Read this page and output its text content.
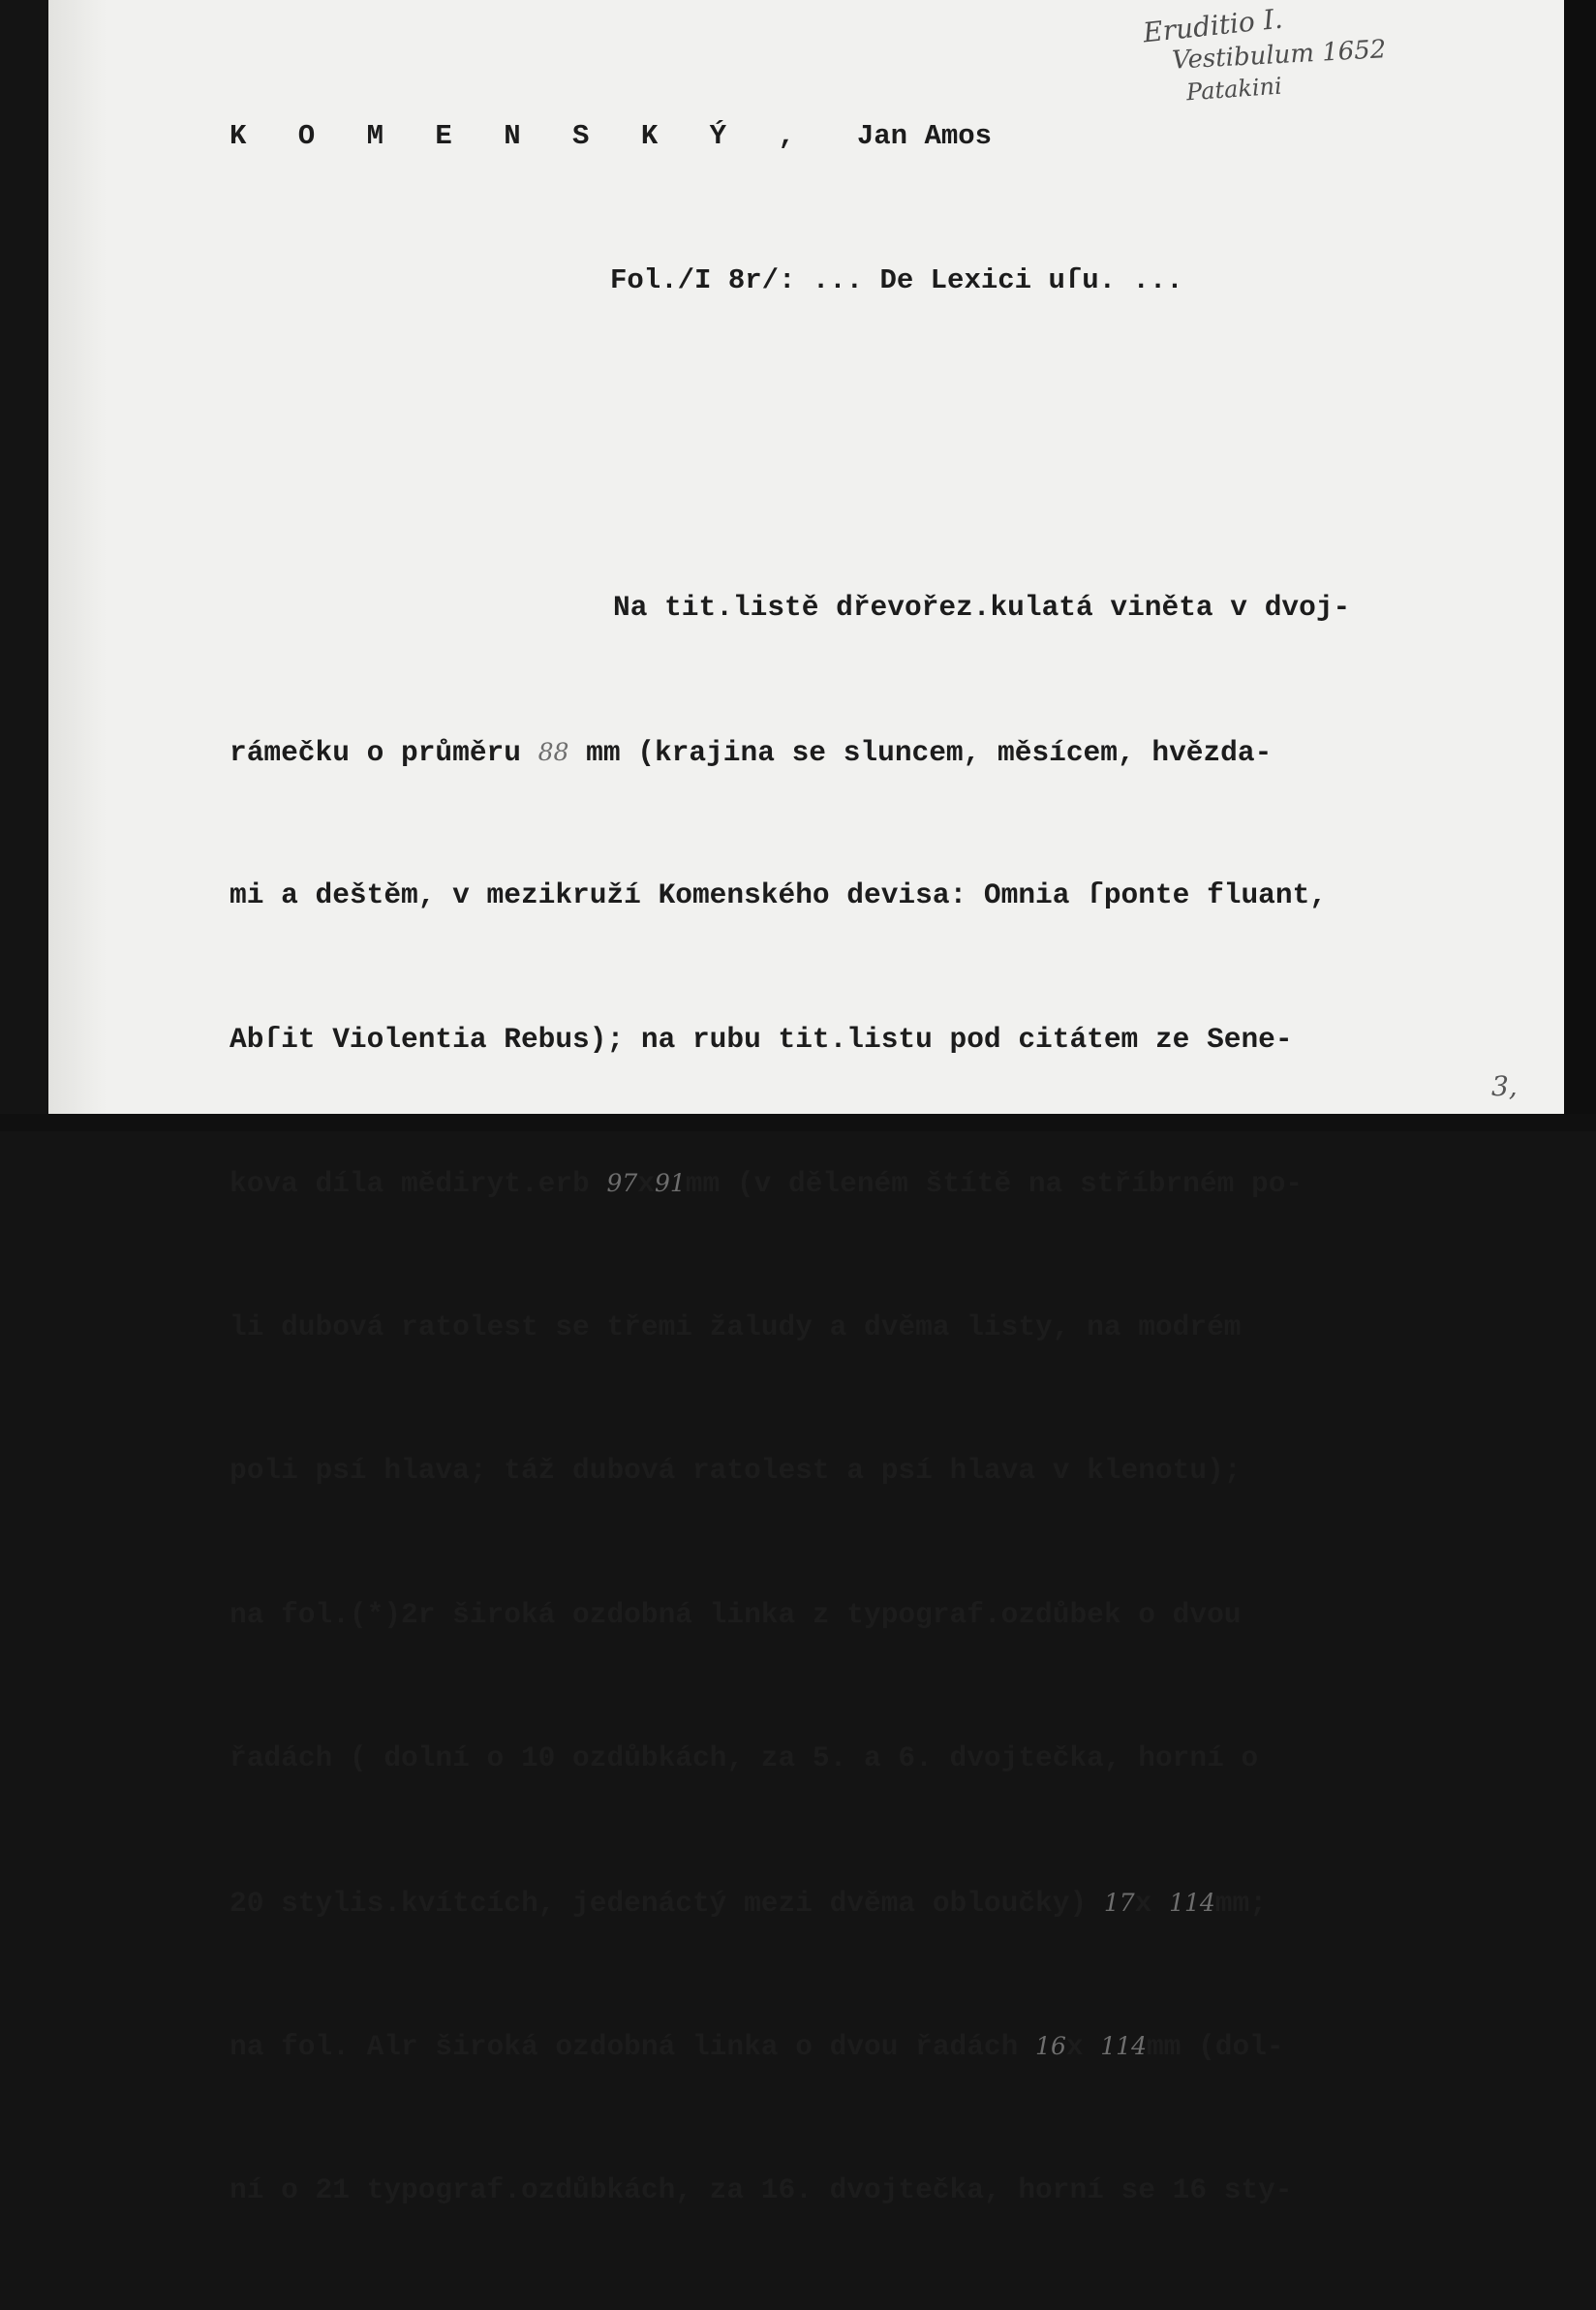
Eruditio I.
Vestibulum 1652
Patakini
K O M E N S K Ý , Jan Amos
Fol./I 8r/: ... De Lexici uſu. ...

Na tit.listě dřevořez.kulatá viněta v dvoj-

rámečku o průměru 88 mm (krajina se sluncem, měsícem, hvězda-

mi a deštěm, v mezikruží Komenského devisa: Omnia ſponte fluant,

Abſit Violentia Rebus); na rubu tit.listu pod citátem ze Sene-

kova díla mědiryt.erb 97x91mm (v děleném štítě na stříbrném po-

li dubová ratolest se třemi žaludy a dvěma listy, na modrém

poli psí hlava; táž dubová ratolest a psí hlava v klenotu);

na fol.(*)2r široká ozdobná linka z typograf.ozdůbek o dvou

řadách ( dolní o 10 ozdůbkách, za 5. a 6. dvojtečka, horní o

20 stylis.kvítcích, jedenáctý mezi dvěma obloučky) 17x 114mm;

na fol. Alr široká ozdobná linka o dvou řadách 16x 114mm (dol-

ní o 21 typograf.ozdůbkách, za 16. dvojtečka, horní se 16 sty-

3,
